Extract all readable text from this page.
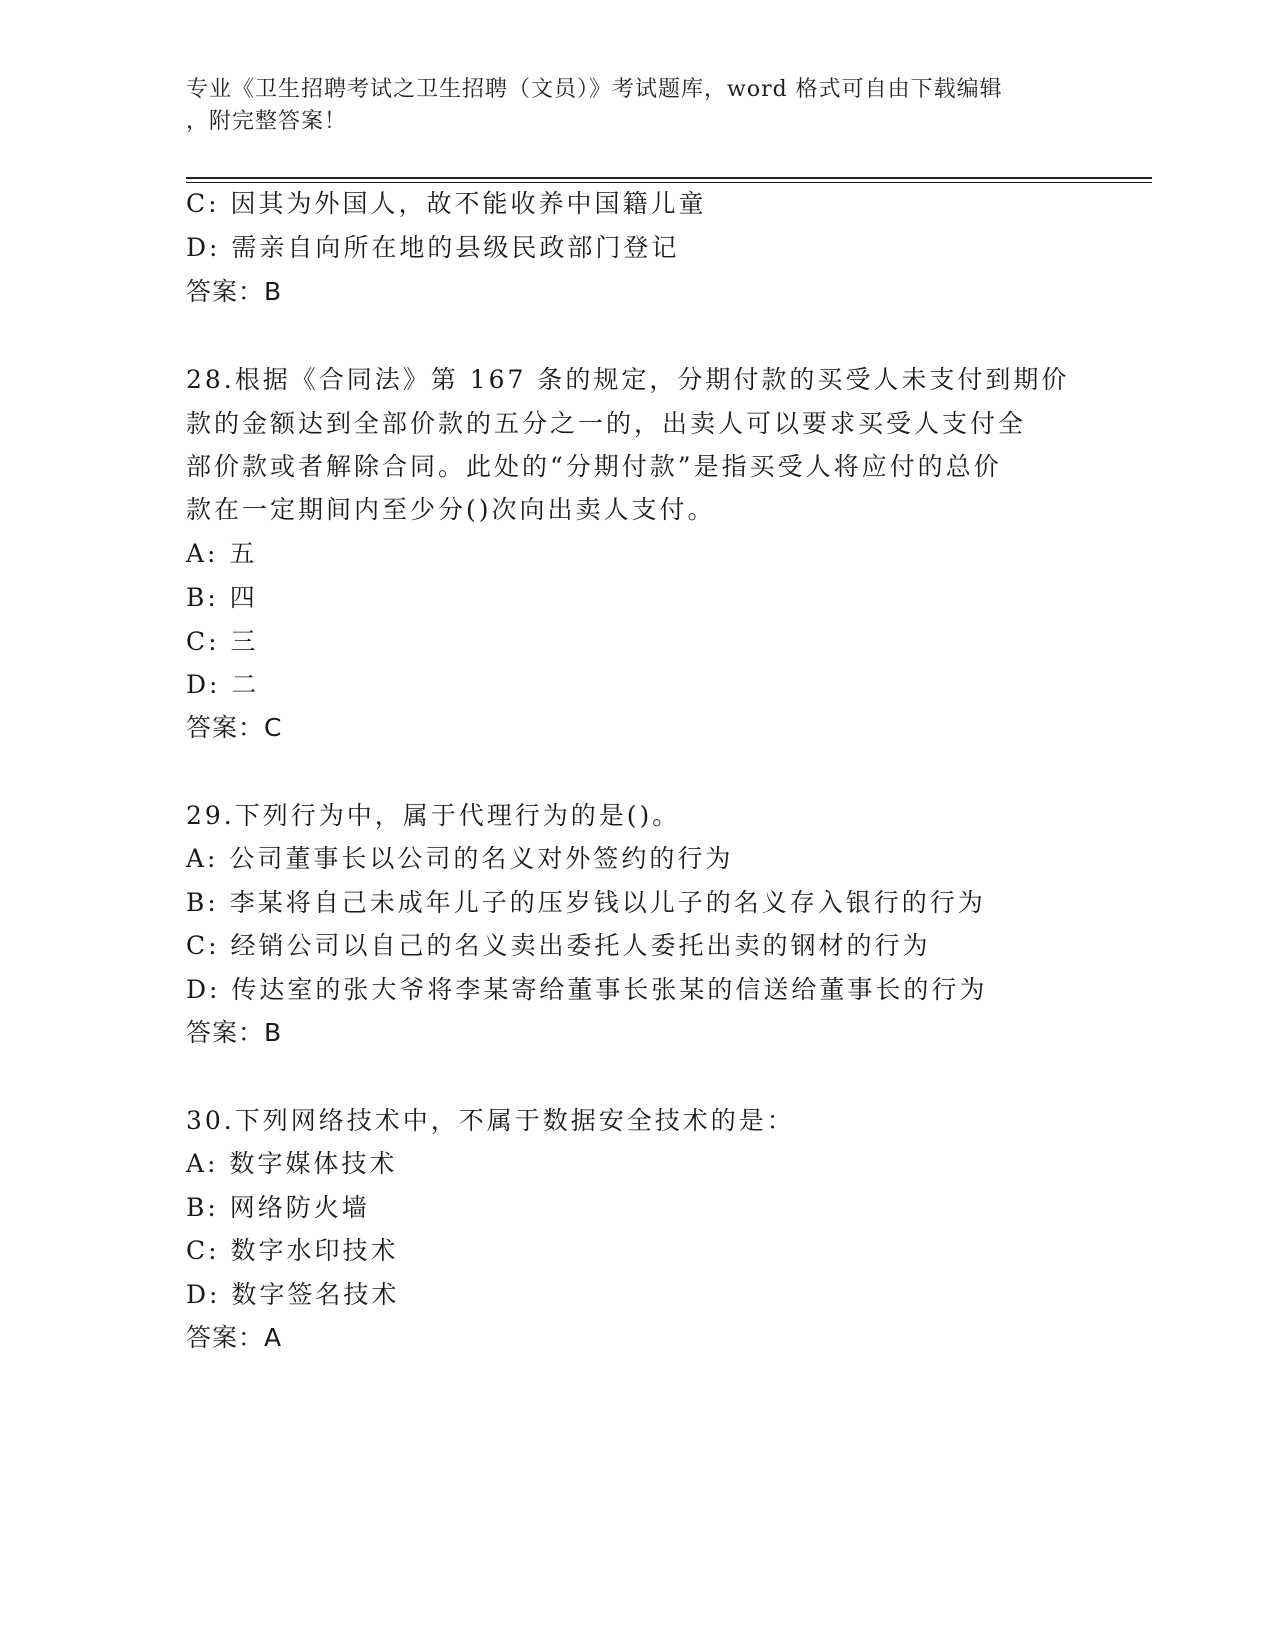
专业《卫生招聘考试之卫生招聘（文员）》考试题库，word 格式可自由下载编辑
，附完整答案！
C: 因其为外国人，故不能收养中国籍儿童
D: 需亲自向所在地的县级民政部门登记
答案：B
28.根据《合同法》第 167 条的规定，分期付款的买受人未支付到期价
款的金额达到全部价款的五分之一的，出卖人可以要求买受人支付全
部价款或者解除合同。此处的“分期付款”是指买受人将应付的总价
款在一定期间内至少分()次向出卖人支付。
A: 五
B: 四
C: 三
D: 二
答案：C
29.下列行为中，属于代理行为的是()。
A: 公司董事长以公司的名义对外签约的行为
B: 李某将自己未成年儿子的压岁钱以儿子的名义存入银行的行为
C: 经销公司以自己的名义卖出委托人委托出卖的钢材的行为
D: 传达室的张大爷将李某寄给董事长张某的信送给董事长的行为
答案：B
30.下列网络技术中，不属于数据安全技术的是：
A: 数字媒体技术
B: 网络防火墙
C: 数字水印技术
D: 数字签名技术
答案：A
